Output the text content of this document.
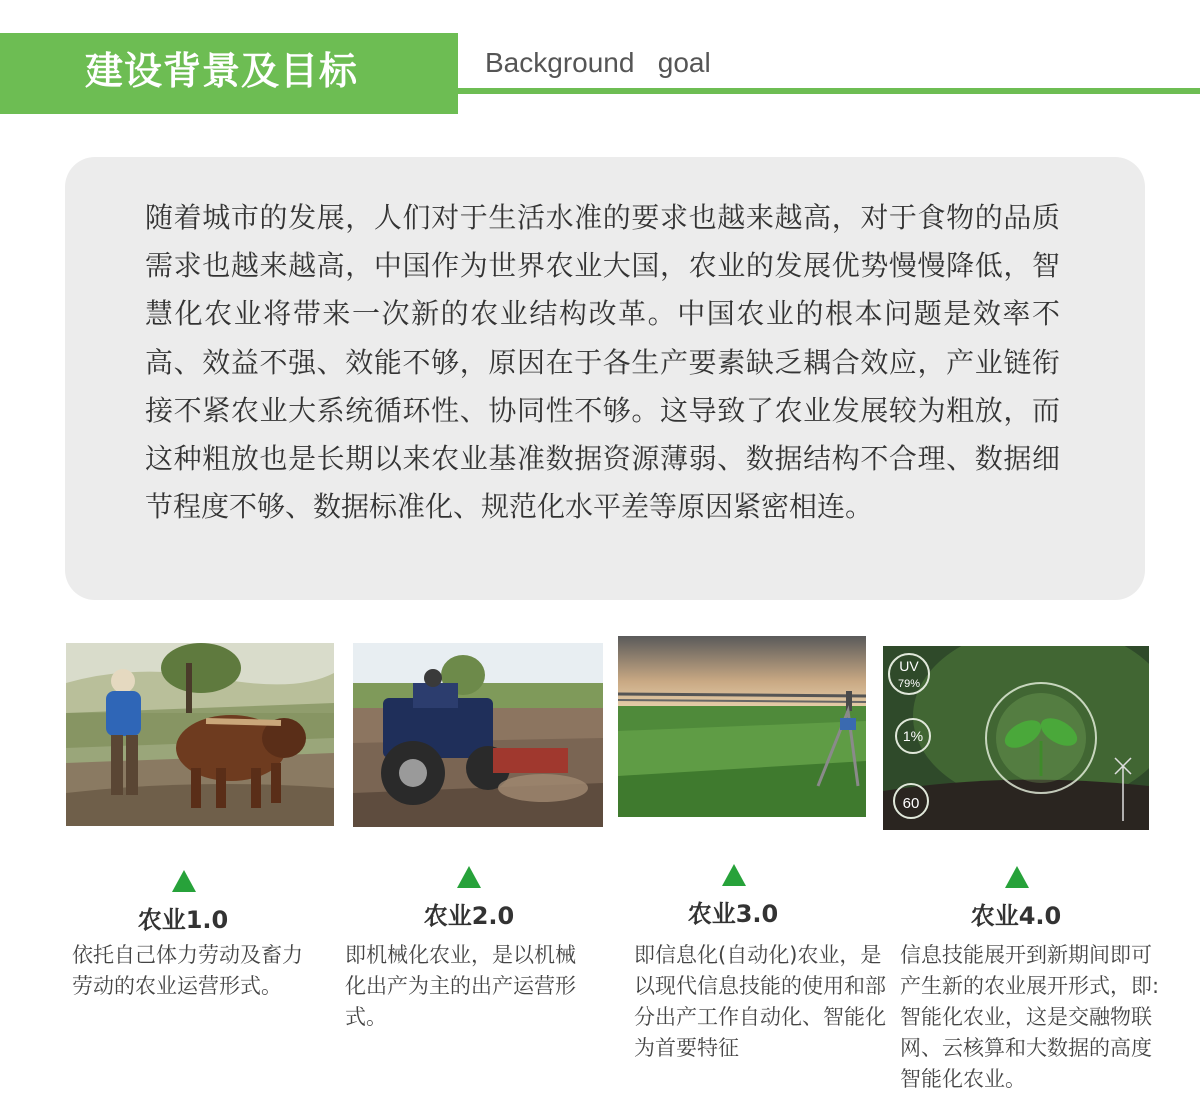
建设背景及目标	Background   goal

随着城市的发展，人们对于生活水准的要求也越来越高，对于食物的品质需求也越来越高，中国作为世界农业大国，农业的发展优势慢慢降低，智慧化农业将带来一次新的农业结构改革。中国农业的根本问题是效率不高、效益不强、效能不够，原因在于各生产要素缺乏耦合效应，产业链衔接不紧农业大系统循环性、协同性不够。这导致了农业发展较为粗放，而这种粗放也是长期以来农业基准数据资源薄弱、数据结构不合理、数据细节程度不够、数据标准化、规范化水平差等原因紧密相连。

UV
79%
1%
60
农业1.0

依托自己体力劳动及畜力劳动的农业运营形式。

农业2.0

即机械化农业，是以机械化出产为主的出产运营形式。

农业3.0

即信息化(自动化)农业，是以现代信息技能的使用和部分出产工作自动化、智能化为首要特征

农业4.0

信息技能展开到新期间即可产生新的农业展开形式，即:智能化农业，这是交融物联网、云核算和大数据的高度智能化农业。
